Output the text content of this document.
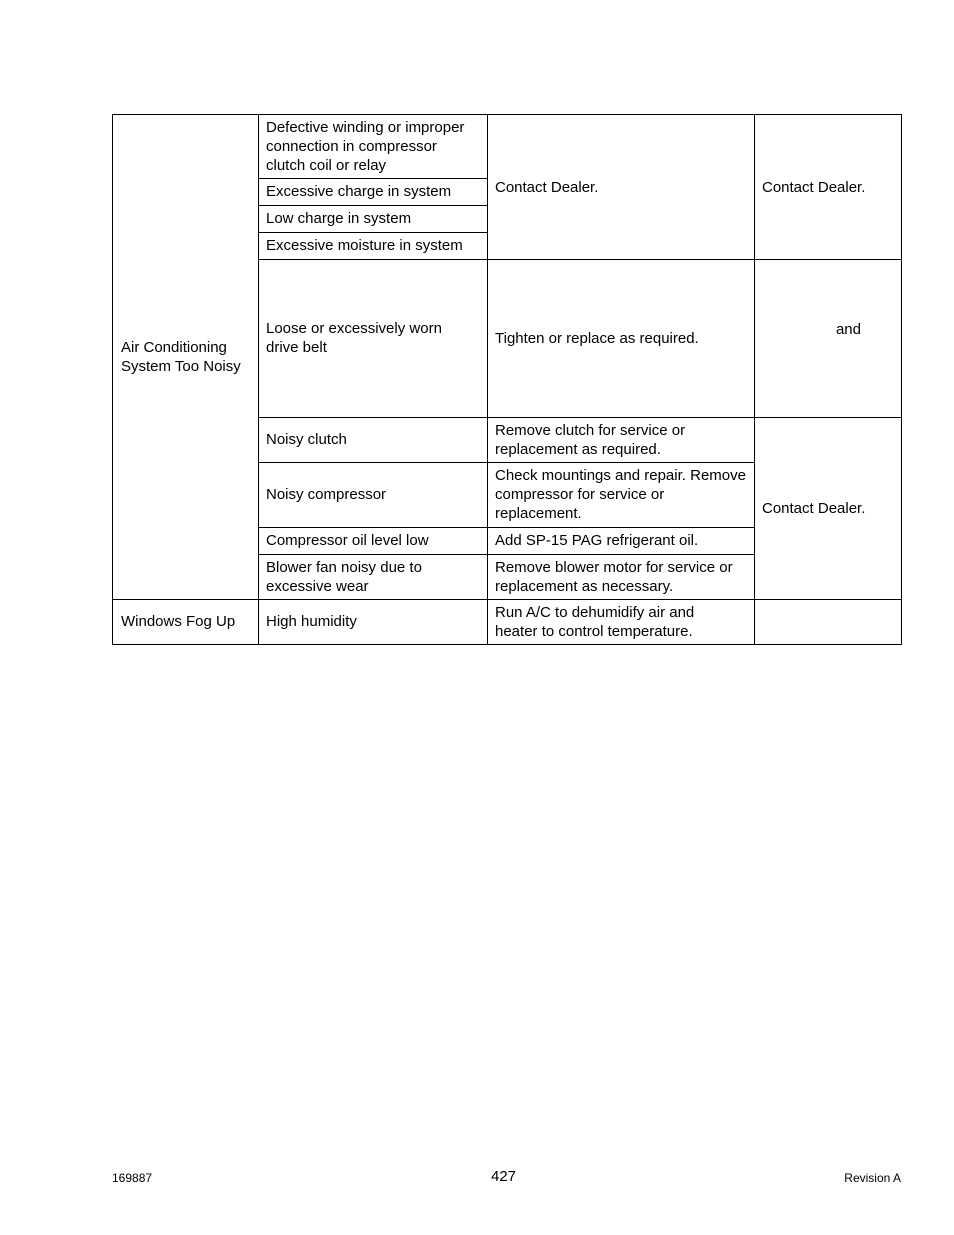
Air Conditioning System Too Noisy
Windows Fog Up
Defective winding or improper connection in compressor clutch coil or relay
Excessive charge in system
Low charge in system
Excessive moisture in system
Loose or excessively worn drive belt
Noisy clutch
Noisy compressor
Compressor oil level low
Blower fan noisy due to excessive wear
High humidity
Contact Dealer.
Tighten or replace as required.
Remove clutch for service or replacement as required.
Check mountings and repair. Remove compressor for service or replacement.
Add SP-15 PAG refrigerant oil.
Remove blower motor for service or replacement as necessary.
Run A/C to dehumidify air and heater to control temperature.
Contact Dealer.
and
Contact Dealer.
169887	427	Revision A
